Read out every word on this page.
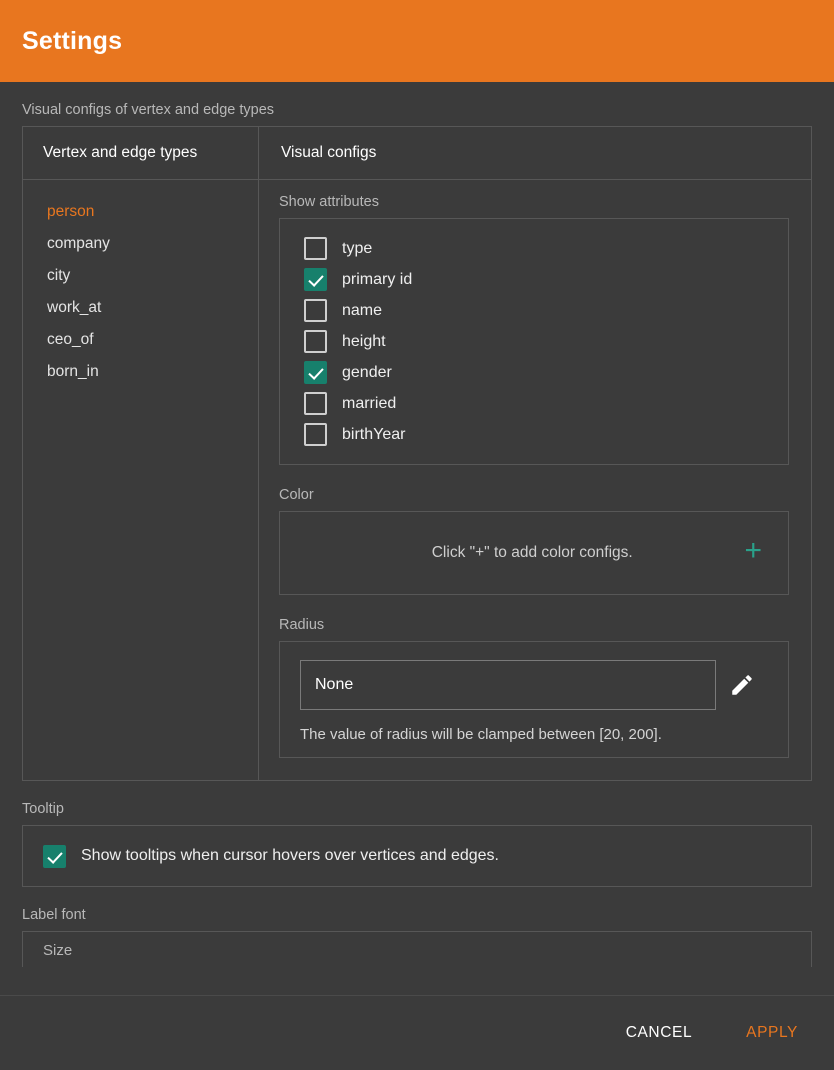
Settings
Visual configs of vertex and edge types
Vertex and edge types	Visual configs
person
company
city
work_at
ceo_of
born_in
Show attributes
type
primary id
name
height
gender
married
birthYear
Color
Click "+" to add color configs.	+
Radius
None
The value of radius will be clamped between [20, 200].
Tooltip
Show tooltips when cursor hovers over vertices and edges.
Label font
Size
CANCEL	APPLY
